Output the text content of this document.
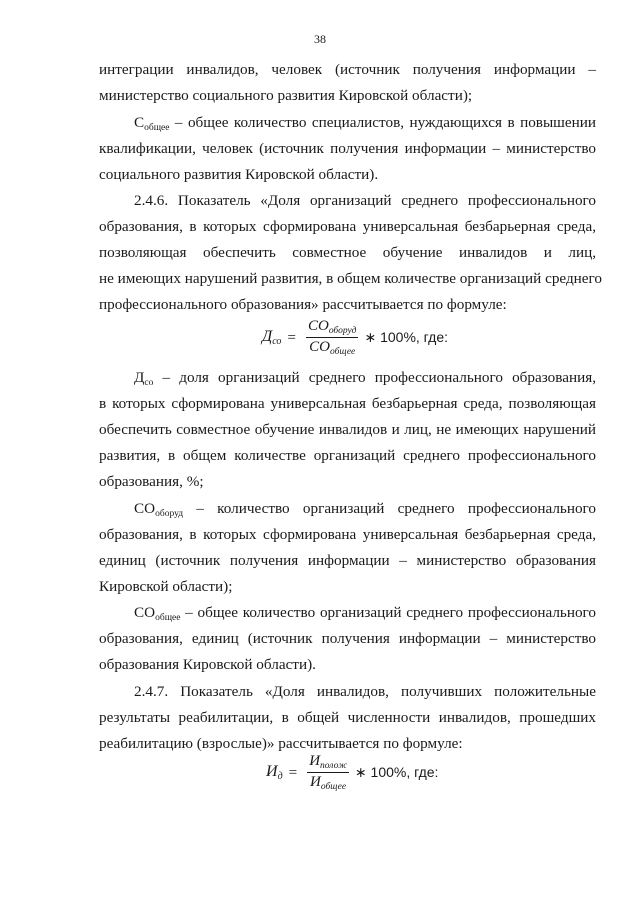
38
интеграции инвалидов, человек (источник получения информации –
министерство социального развития Кировской области);
$С_{общее}$ – общее количество специалистов, нуждающихся в повышении
квалификации, человек (источник получения информации – министерство
социального развития Кировской области).
2.4.6. Показатель «Доля организаций среднего профессионального
образования, в которых сформирована универсальная безбарьерная среда,
позволяющая обеспечить совместное обучение инвалидов и лиц,
не имеющих нарушений развития, в общем количестве организаций среднего
профессионального образования» рассчитывается по формуле:
$Д_{со} = \frac{СО_{оборуд}}{СО_{общее}}$ ∗ 100%, где:
$Д_{со}$ – доля организаций среднего профессионального образования,
в которых сформирована универсальная безбарьерная среда, позволяющая
обеспечить совместное обучение инвалидов и лиц, не имеющих нарушений
развития, в общем количестве организаций среднего профессионального
образования, %;
$СО_{оборуд}$ – количество организаций среднего профессионального
образования, в которых сформирована универсальная безбарьерная среда,
единиц (источник получения информации – министерство образования
Кировской области);
$СО_{общее}$ – общее количество организаций среднего профессионального
образования, единиц (источник получения информации – министерство
образования Кировской области).
2.4.7. Показатель «Доля инвалидов, получивших положительные
результаты реабилитации, в общей численности инвалидов, прошедших
реабилитацию (взрослые)» рассчитывается по формуле:
$И_д = \frac{И_{полож}}{И_{общее}}$ ∗ 100%, где:
